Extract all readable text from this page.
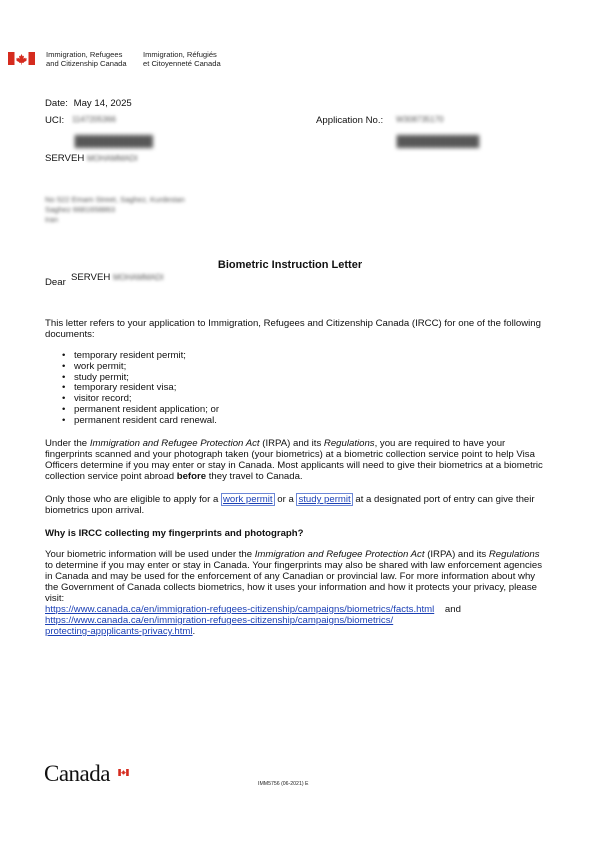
Immigration, Refugees
and Citizenship Canada
Immigration, Réfugiés
et Citoyenneté Canada
Date: May 14, 2025
UCI: 1147205366	Application No.: W308735170
SERVEH MOHAMMADI
No 522 Emam Street, Saghez, Kurdestan
Saghez 6681658863
Iran
Biometric Instruction Letter
Dear SERVEH MOHAMMADI

This letter refers to your application to Immigration, Refugees and Citizenship Canada (IRCC) for one of the following documents:

• temporary resident permit;
• work permit;
• study permit;
• temporary resident visa;
• visitor record;
• permanent resident application; or
• permanent resident card renewal.

Under the Immigration and Refugee Protection Act (IRPA) and its Regulations, you are required to have your fingerprints scanned and your photograph taken (your biometrics) at a biometric collection service point to help Visa Officers determine if you may enter or stay in Canada. Most applicants will need to give their biometrics at a biometric collection service point abroad before they travel to Canada.

Only those who are eligible to apply for a work permit or a study permit at a designated port of entry can give their biometrics upon arrival.

Why is IRCC collecting my fingerprints and photograph?

Your biometric information will be used under the Immigration and Refugee Protection Act (IRPA) and its Regulations to determine if you may enter or stay in Canada. Your fingerprints may also be shared with law enforcement agencies in Canada and may be used for the enforcement of any Canadian or provincial law. For more information about why the Government of Canada collects biometrics, how it uses your information and how it protects your privacy, please visit:

https://www.canada.ca/en/immigration-refugees-citizenship/campaigns/biometrics/facts.html    and

https://www.canada.ca/en/immigration-refugees-citizenship/campaigns/biometrics/

protecting-appplicants-privacy.html.

Canada	IMM5756 (06-2021) E
